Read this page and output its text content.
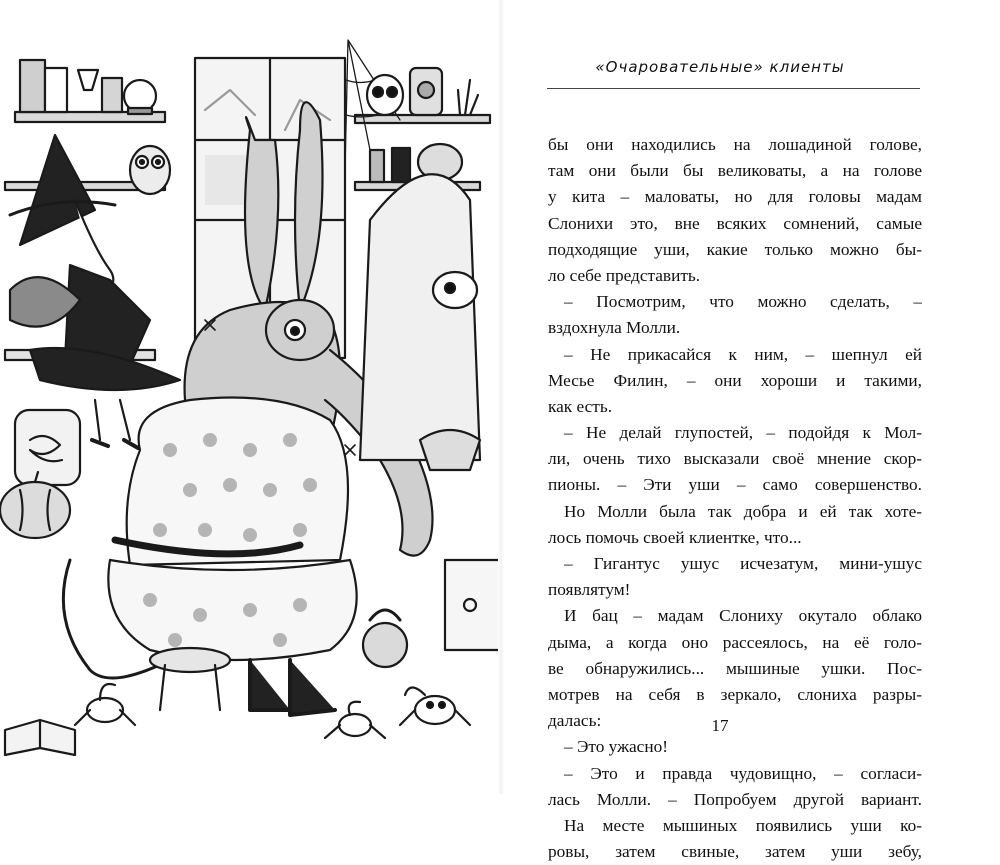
«Очаровательные» клиенты
бы они находились на лошадиной голове,
там они были бы великоваты, а на голове
у кита – маловаты, но для головы мадам
Слонихи это, вне всяких сомнений, самые
подходящие уши, какие только можно бы-
ло себе представить.
– Посмотрим, что можно сделать, –
вздохнула Молли.
– Не прикасайся к ним, – шепнул ей
Месье Филин, – они хороши и такими,
как есть.
– Не делай глупостей, – подойдя к Мол-
ли, очень тихо высказали своё мнение скор-
пионы. – Эти уши – само совершенство.
Но Молли была так добра и ей так хоте-
лось помочь своей клиентке, что...
– Гигантус ушус исчезатум, мини-ушус
появлятум!
И бац – мадам Слониху окутало облако
дыма, а когда оно рассеялось, на её голо-
ве обнаружились... мышиные ушки. Пос-
мотрев на себя в зеркало, слониха разры-
далась:
– Это ужасно!
– Это и правда чудовищно, – согласи-
лась Молли. – Попробуем другой вариант.
На месте мышиных появились уши ко-
ровы, затем свиные, затем уши зебу,
17
